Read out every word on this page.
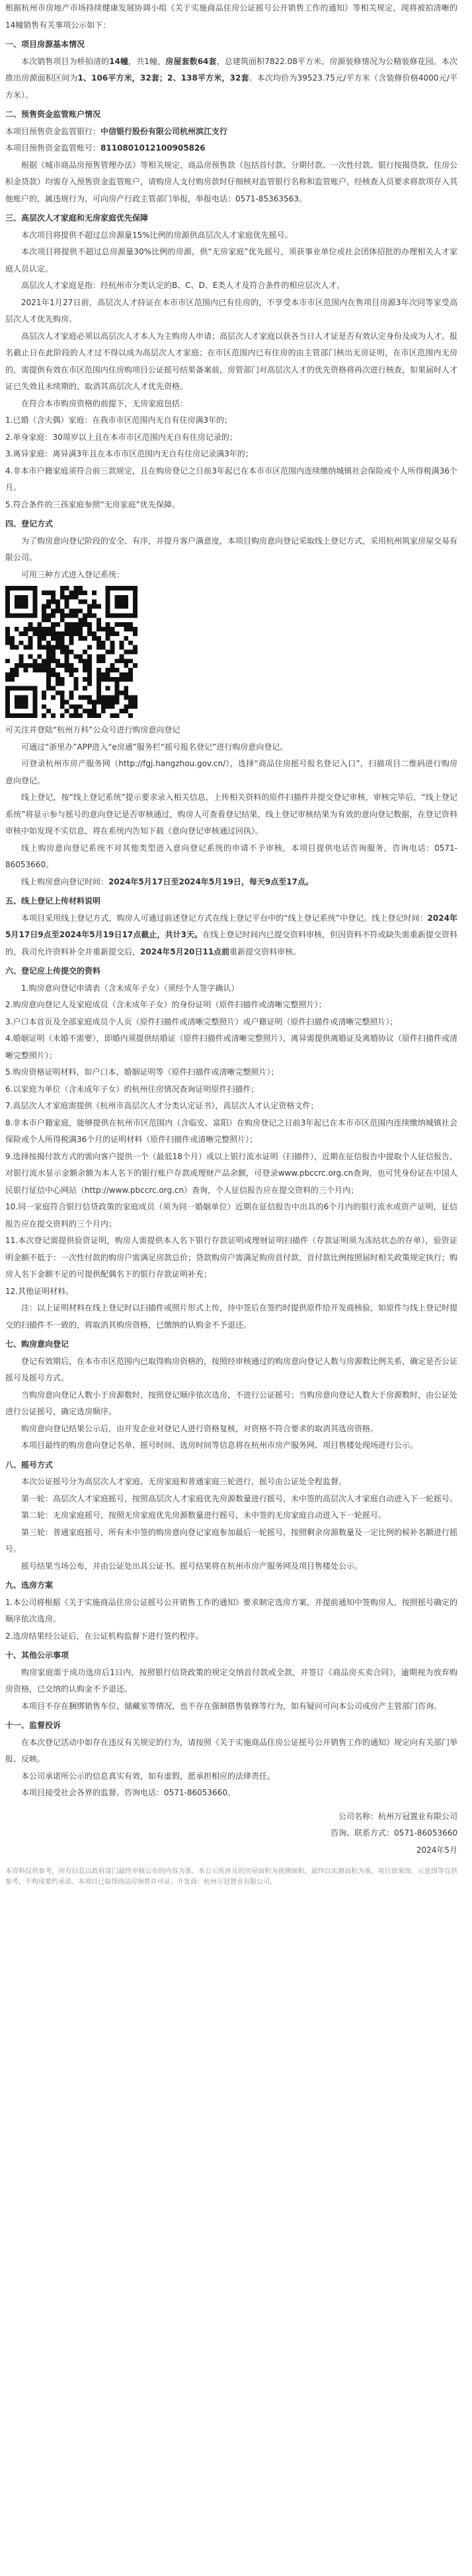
根据杭州市房地产市场持续健康发展协调小组《关于实施商品住房公证摇号公开销售工作的通知》等相关规定，现将被拍清晰的14幢销售有关事项公示如下：

一、项目房源基本情况

本次销售项目为桥拍清的14幢，共1幢，房屋套数64套，总建筑面积7822.08平方米。房源装修情况为公精装修花园。本次推出房源面积区间为1、106平方米，32套；2、138平方米，32套。本次均价为39523.75元/平方米（含装修价格4000元/平方米）。

二、预售资金监管账户情况

本项目预售资金监管银行：中信银行股份有限公司杭州滨江支行

本项目预售资金监管账号：8110801012100905826

根据《城市商品房预售管理办法》等相关规定，商品房预售款（包括首付款、分期付款、一次性付款、银行按揭贷款、住房公积金贷款）均需存入预售资金监管账户，请购房人支付购房款时仔细核对监管银行名称和监管账户，经核查人员要求将款项存入其他账户的，属违规行为，可向房产行政主管部门举报，举报电话：0571-85363563。

三、高层次人才家庭和无房家庭优先保障

本次项目将提供不超过总房源量15%比例的房源供高层次人才家庭优先摇号。

本次项目将提供不超过总房源量30%比例的房源，供“无房家庭”优先摇号，须获事业单位或社会团体招批的办理相关人才家庭人员认定。

高层次人才家庭是指：经杭州市分类认定的B、C、D、E类人才及符合条件的相应层次人才。

2021年1月27日前，高层次人才持证在本市市区范围内已有住房的，不享受本市市区范围内在售项目房源3年次同等家受高层次人才优先购房。

高层次人才家庭必须以高层次人才本人为主购房人申请；高层次人才家庭以获各当日人才证是否有效认定身份及成为人才。报名截止日在此阶段的人才过不得以成为高层次人才家庭；在市区范围内已有住房的由主管部门核出无房证明，在市区范围内无房的，需提供有效在市区范围内住房购项目公证摇号结果备案前，房管部门对高层次人才的优先资格将再次进行核查，如果届时人才证已失效且未续期的，取消其高层次人才优先资格。

在符合本市购房资格的前提下，无房家庭包括：

1.已婚（含夫偶）家庭：在我市市区范围内无自有住房满3年的；

2.单身家庭：30周岁以上且在本市市区范围内无自有住房记录的；

3.离异家庭：离异满3年且在本市市区范围内无自有住房记录满3年的；

4.非本市户籍家庭须符合前三款规定，且在购房登记之日前3年起已在本市市区范围内连续缴纳城镇社会保险或个人所得税满36个月。

5.符合条件的三孩家庭参照“无房家庭”优先保障。

四、登记方式

为了购房意向登记阶段的安全、有序，并提升客户满意度，本项目购房意向登记采取线上登记方式，采用杭州筑家房屋交易有限公司。

可用三种方式进入登记系统：

可关注并登陆“杭州万科”公众号进行购房意向登记

可通过“浙里办”APP进入“e房通”服务栏“摇号报名登记”进行购房意向登记。

可登录杭州市房产服务网（http://fgj.hangzhou.gov.cn/），选择“商品住房摇号报名登记入口”，扫描项目二维码进行购房意向登记。

线上登记，按“线上登记系统”提示要求录入相关信息，上传相关资料的原件扫描件并提交登记审核，审核完毕后，“线上登记系统”将显示参与摇号的意向登记是否审核通过，购房人可查看登记结果，线上登记审核结果为有效的意向登记数据，在登记资料审核中如发现不实信息，将在系统内告知下载《意向登记审核通过回执》。

线上购房意向登记系统不对其他类型进入意向登记系统的申请不予审核，本项目提供电话咨询服务，咨询电话：0571-86053660。

线上购房意向登记时间：2024年5月17日至2024年5月19日，每天9点至17点。

五、线上登记上传材料说明

本项目采用线上登记方式，购房人可通过前述登记方式在线上登记平台中的“线上登记系统”中登记。线上登记时间：2024年5月17日9点至2024年5月19日17点截止，共计3天。在线上登记时间内已提交资料审核，但因资料不符或缺失需重新提交资料的，我司允许资料补全并重新提交后，2024年5月20日11点前重新提交资料审核。

六、登记应上传提交的资料

1.购房意向登记申请表（含未成年子女）（须经个人签字确认）

2.购房意向登记人及家庭成员（含未成年子女）的身份证明（原件扫描件或清晰完整照片）；

3.户口本首页及全部家庭成员个人页（原件扫描件或清晰完整照片）或户籍证明（原件扫描件或清晰完整照片）；

4.婚姻证明（未婚不需要），即婚内须提供结婚证（原件扫描件或清晰完整照片），离异需提供离婚证及离婚协议（原件扫描件或清晰完整照片）；

5.购房资格证明材料，如户口本、婚姻证明等（原件扫描件或清晰完整照片）；

6.以家庭为单位（含未成年子女）的杭州住房情况查询证明原件扫描件；

7.高层次人才家庭需提供《杭州市高层次人才分类认定证书》，高层次人才认定资格文件；

8.非本市户籍家庭，能够提供在杭州市区范围内（含临安、富阳）在购房登记之日前3年起已在本市市区范围内连续缴纳城镇社会保险或个人所得税满36个月的证明材料（原件扫描件或清晰完整照片）；

9.选择按揭付款方式的需向客户提供一个（最低18个月）或以上银行流水证明（扫描件），近期在征信报告中提取个人征信报告，对银行流水显示金额余额为本人名下的银行账户存款或理财产品余额，可登录www.pbccrc.org.cn查询，也可凭身份证在中国人民银行征信中心网站（http://www.pbccrc.org.cn）查询，个人征信报告应在提交资料的三个月内；

10.同一家庭符合银行信贷政策的家庭成员（须为同一婚姻单位）近期在征信报告中出具的6个月内的银行流水或资产证明，征信报告应在提交资料的三个月内；

11.本次登记需提供验资证明，购房人需提供本人名下银行存款证明或理财证明扫描件（存款证明须为冻结状态的存单），验资证明金额不低于：一次性付款的购房户需满足房款总价；贷款购房户需满足购房首付款，首付款比例按照届时相关政策规定执行；购房人名下金额不足的可提供配偶名下的银行存款证明补充；

12.其他证明材料。

注：以上证明材料在线上登记时以扫描件或照片形式上传，待中签后在签约时提供原件给开发商核验，如原件与线上登记时提交的扫描件不一致的，将取消其购房资格，已缴纳的认购金不予退还。

七、购房意向登记

登记有效期后，在本市市区范围内已取得购房资格的，按照经审核通过的购房意向登记人数与房源数比例关系，确定是否公证摇号及摇号方式。

当购房意向登记人数小于房源数时，按照登记顺序依次选房，不进行公证摇号；当购房意向登记人数大于房源数时，由公证处进行公证摇号，确定选房顺序。

购房意向登记结果公示后，由开发企业对登记人进行资格复核，对资格不符合要求的取消其选房资格。

本项目最终的购房意向登记名单、摇号时间、选房时间等信息将在杭州市房产服务网、项目售楼处现场进行公示。

八、摇号方式

本次公证摇号分为高层次人才家庭、无房家庭和普通家庭三轮进行，摇号由公证处全程监督。

第一轮：高层次人才家庭摇号，按照高层次人才家庭优先房源数量进行摇号，未中签的高层次人才家庭自动进入下一轮摇号。

第二轮：无房家庭摇号，按照无房家庭优先房源数量进行摇号，未中签的无房家庭自动进入下一轮摇号。

第三轮：普通家庭摇号，所有未中签的购房意向登记家庭参加最后一轮摇号，按照剩余房源数量及一定比例的候补名额进行摇号。

摇号结果当场公布，并由公证处出具公证书。摇号结果将在杭州市房产服务网及项目售楼处公示。

九、选房方案

1.本公司将根据《关于实施商品住房公证摇号公开销售工作的通知》要求制定选房方案，并提前通知中签购房人，按照摇号确定的顺序依次选房。

2.选房结果经公证后，在公证机构监督下进行签约程序。

十、其他公示事项

购房家庭需于成功选房后1日内，按照银行信贷政策的规定交纳首付款或全款，并签订《商品房买卖合同》，逾期视为放弃购房资格，已交纳的认购金不予退还。

本项目不存在捆绑销售车位、储藏室等情况，也不存在强制搭售装修等行为，如有疑问可向本公司或房产主管部门咨询。

十一、监督投诉

在本次登记活动中如存在违反有关规定的行为，请按照《关于实施商品住房公证摇号公开销售工作的通知》规定向有关部门举报、反映。

本公司承诺所公示的信息真实有效，如有虚假，愿承担相应的法律责任。

本项目接受社会各界的监督。咨询电话：0571-86053660。

公司名称：杭州万冠置业有限公司

咨询、联系方式：0571-86053660

2024年5月

本资料仅供参考，所有信息以政府部门最终审核公布的内容为准。本公示所涉及的房屋面积为预测面积，最终以实测面积为准。项目效果图、示意图等仅供参考，不构成要约承诺。本项目已取得商品房预售许可证。开发商：杭州万冠置业有限公司。
